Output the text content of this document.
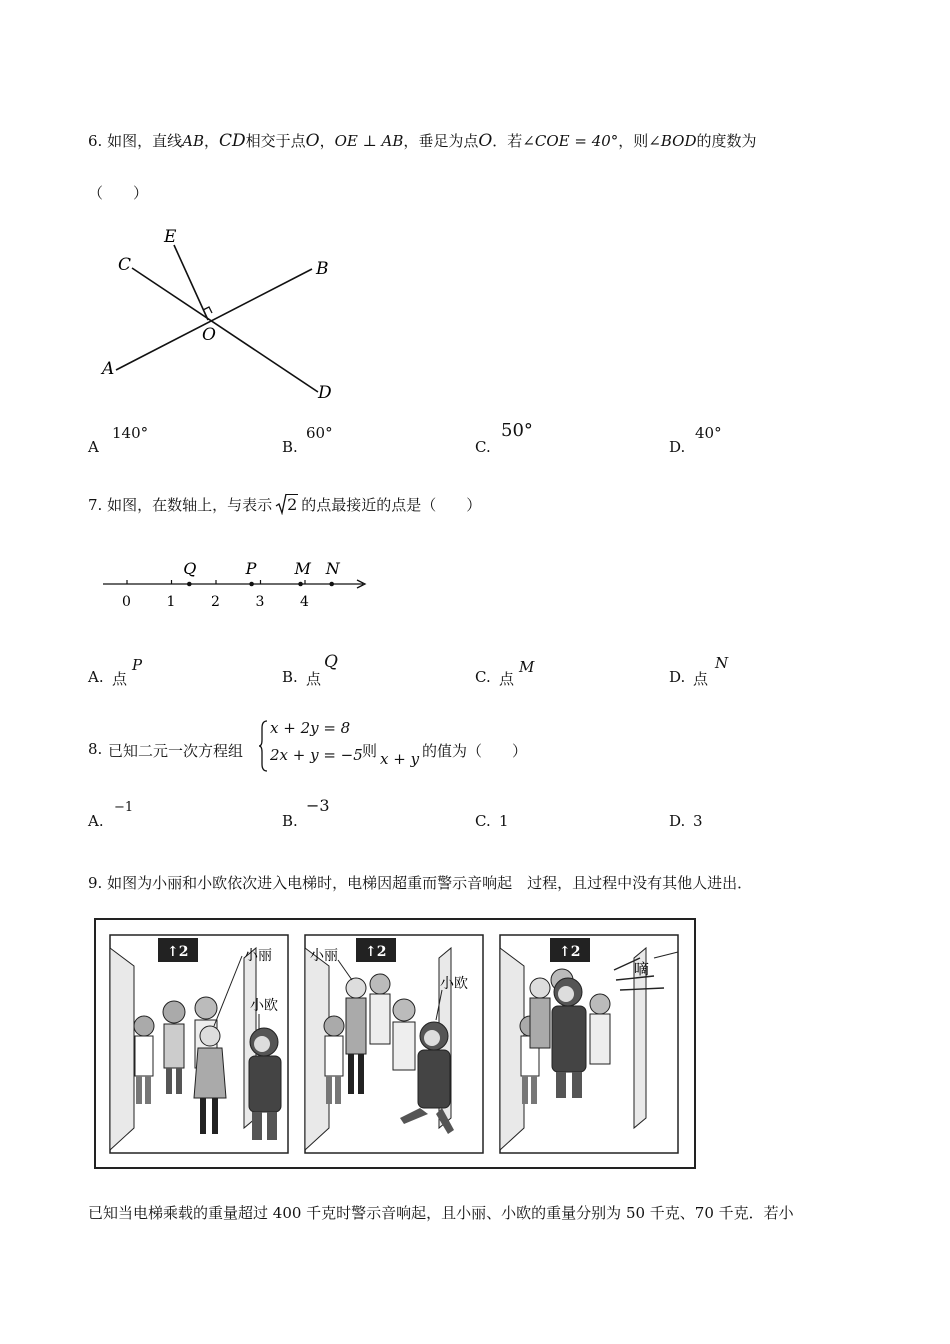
6. 如图，直线AB，CD相交于点O，OE ⊥ AB，垂足为点O．若∠COE = 40°，则∠BOD的度数为
（　　）
C
E
B
O
A
D
A
140°
B.
60°
C.
50°
D.
40°
7. 如图，在数轴上，与表示 2 的点最接近的点是（　　）
0	1	2	3	4
Q	P M N
A. 点
P
B. 点
Q
C. 点
M
D. 点
N
8. 已知二元一次方程组
x + 2y = 8
2x + y = −5 则 x + y 的值为（　　）
A.
−1
B.
−3
C. 1	D. 3
9. 如图为小丽和小欧依次进入电梯时，电梯因超重而警示音响起　过程，且过程中没有其他人进出．
↑2	小丽
小欧
↑2
小丽
小欧
↑2
嘀
已知当电梯乘载的重量超过 400 千克时警示音响起，且小丽、小欧的重量分别为 50 千克、70 千克．若小
